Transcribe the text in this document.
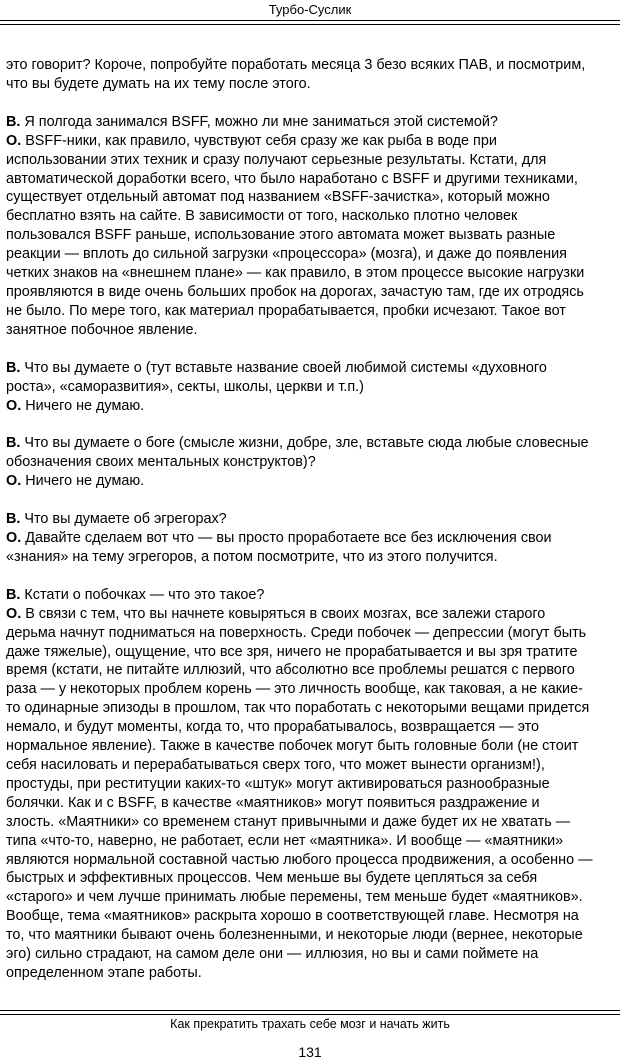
Турбо-Суслик
это говорит? Короче, попробуйте поработать месяца 3 безо всяких ПАВ, и посмотрим,
что вы будете думать на их тему после этого.
В. Я полгода занимался BSFF, можно ли мне заниматься этой системой?
О. BSFF-ники, как правило, чувствуют себя сразу же как рыба в воде при
использовании этих техник и сразу получают серьезные результаты. Кстати, для
автоматической доработки всего, что было наработано с BSFF и другими техниками,
существует отдельный автомат под названием «BSFF-зачистка», который можно
бесплатно взять на сайте. В зависимости от того, насколько плотно человек
пользовался BSFF раньше, использование этого автомата может вызвать разные
реакции — вплоть до сильной загрузки «процессора» (мозга), и даже до появления
четких знаков на «внешнем плане» — как правило, в этом процессе высокие нагрузки
проявляются в виде очень больших пробок на дорогах, зачастую там, где их отродясь
не было. По мере того, как материал прорабатывается, пробки исчезают. Такое вот
занятное побочное явление.
В. Что вы думаете о (тут вставьте название своей любимой системы «духовного
роста», «саморазвития», секты, школы, церкви и т.п.)
О. Ничего не думаю.
В. Что вы думаете о боге (смысле жизни, добре, зле, вставьте сюда любые словесные
обозначения своих ментальных конструктов)?
О. Ничего не думаю.
В. Что вы думаете об эгрегорах?
О. Давайте сделаем вот что — вы просто проработаете все без исключения свои
«знания» на тему эгрегоров, а потом посмотрите, что из этого получится.
В. Кстати о побочках — что это такое?
О. В связи с тем, что вы начнете ковыряться в своих мозгах, все залежи старого
дерьма начнут подниматься на поверхность. Среди побочек — депрессии (могут быть
даже тяжелые), ощущение, что все зря, ничего не прорабатывается и вы зря тратите
время (кстати, не питайте иллюзий, что абсолютно все проблемы решатся с первого
раза — у некоторых проблем корень — это личность вообще, как таковая, а не какие-
то одинарные эпизоды в прошлом, так что поработать с некоторыми вещами придется
немало, и будут моменты, когда то, что прорабатывалось, возвращается — это
нормальное явление). Также в качестве побочек могут быть головные боли (не стоит
себя насиловать и перерабатываться сверх того, что может вынести организм!),
простуды, при реституции каких-то «штук» могут активироваться разнообразные
болячки. Как и с BSFF, в качестве «маятников» могут появиться раздражение и
злость. «Маятники» со временем станут привычными и даже будет их не хватать —
типа «что-то, наверно, не работает, если нет «маятника». И вообще — «маятники»
являются нормальной составной частью любого процесса продвижения, а особенно —
быстрых и эффективных процессов. Чем меньше вы будете цепляться за себя
«старого» и чем лучше принимать любые перемены, тем меньше будет «маятников».
Вообще, тема «маятников» раскрыта хорошо в соответствующей главе. Несмотря на
то, что маятники бывают очень болезненными, и некоторые люди (вернее, некоторые
эго) сильно страдают, на самом деле они — иллюзия, но вы и сами поймете на
определенном этапе работы.
Как прекратить трахать себе мозг и начать жить
131
